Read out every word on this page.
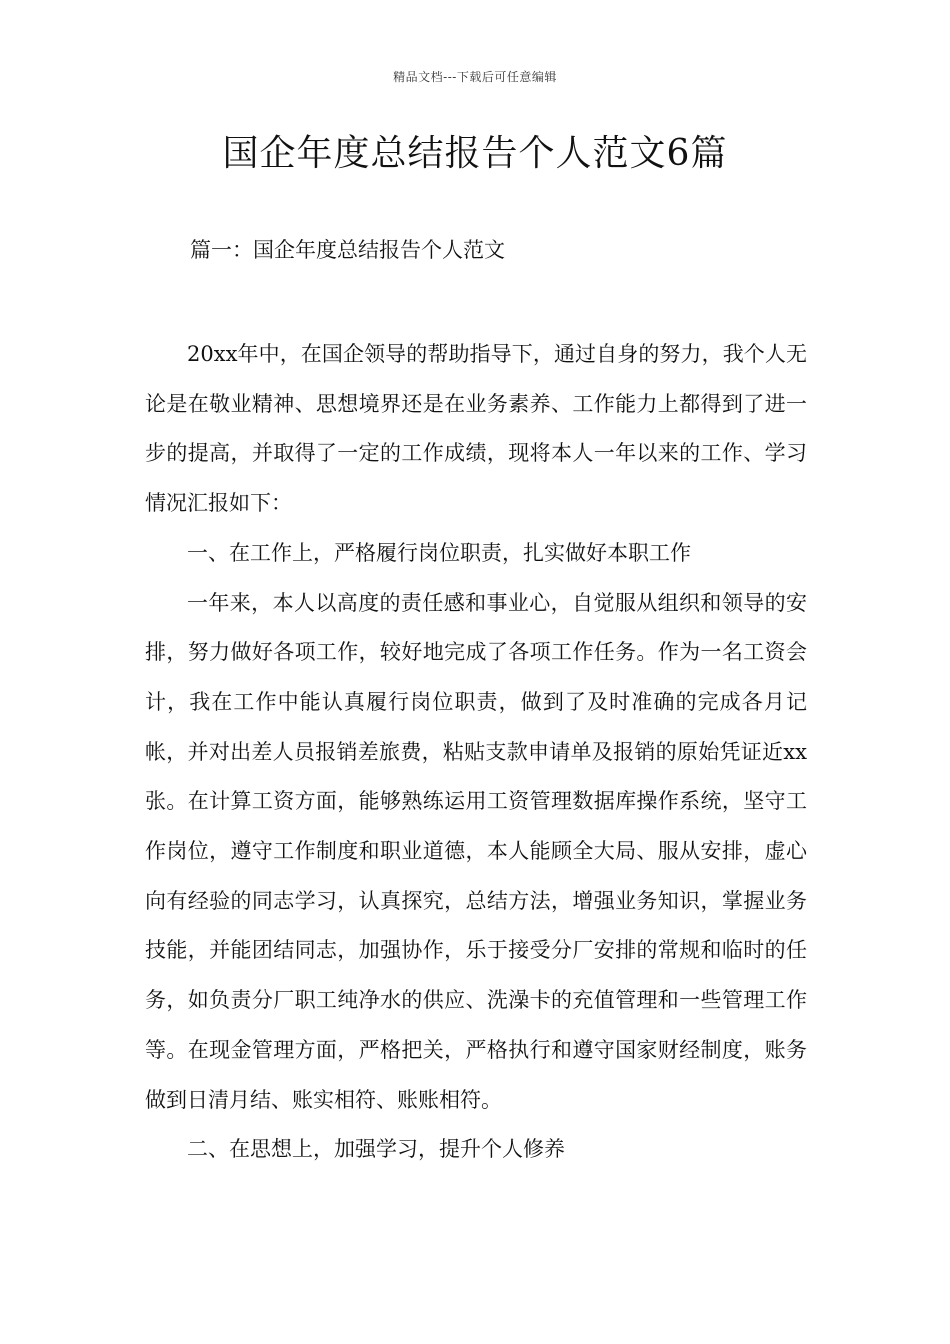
精品文档---下载后可任意编辑
国企年度总结报告个人范文6篇
篇一：国企年度总结报告个人范文

20xx年中，在国企领导的帮助指导下，通过自身的努力，我个人无论是在敬业精神、思想境界还是在业务素养、工作能力上都得到了进一步的提高，并取得了一定的工作成绩，现将本人一年以来的工作、学习情况汇报如下：

一、在工作上，严格履行岗位职责，扎实做好本职工作

一年来，本人以高度的责任感和事业心，自觉服从组织和领导的安排，努力做好各项工作，较好地完成了各项工作任务。作为一名工资会计，我在工作中能认真履行岗位职责，做到了及时准确的完成各月记帐，并对出差人员报销差旅费，粘贴支款申请单及报销的原始凭证近xx张。在计算工资方面，能够熟练运用工资管理数据库操作系统，坚守工作岗位，遵守工作制度和职业道德，本人能顾全大局、服从安排，虚心向有经验的同志学习，认真探究，总结方法，增强业务知识，掌握业务技能，并能团结同志，加强协作，乐于接受分厂安排的常规和临时的任务，如负责分厂职工纯净水的供应、洗澡卡的充值管理和一些管理工作等。在现金管理方面，严格把关，严格执行和遵守国家财经制度，账务做到日清月结、账实相符、账账相符。

二、在思想上，加强学习，提升个人修养
